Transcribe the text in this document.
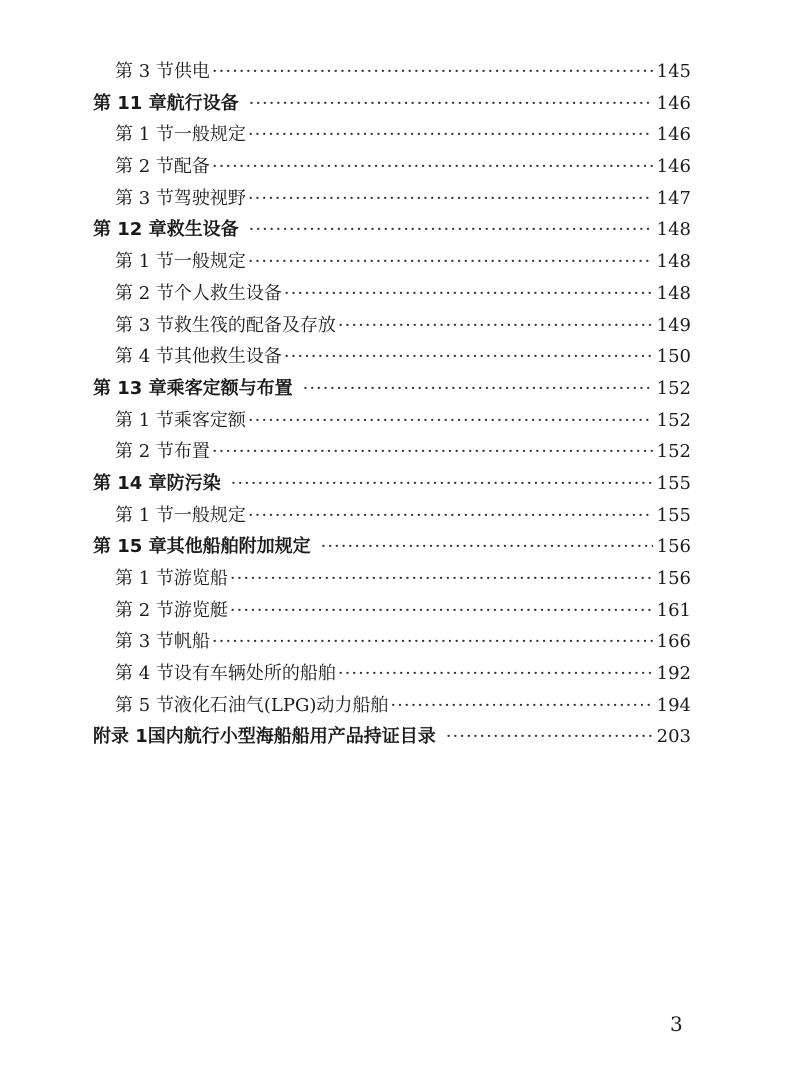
第 3 节 供电 ·····	145
第 11 章 航行设备 ·····	146
第 1 节 一般规定 ·····	146
第 2 节 配备 ·····	146
第 3 节 驾驶视野 ·····	147
第 12 章 救生设备 ·····	148
第 1 节 一般规定 ·····	148
第 2 节 个人救生设备 ·····	148
第 3 节 救生筏的配备及存放 ·····	149
第 4 节 其他救生设备 ·····	150
第 13 章 乘客定额与布置 ·····	152
第 1 节 乘客定额 ·····	152
第 2 节 布置 ·····	152
第 14 章 防污染 ·····	155
第 1 节 一般规定 ·····	155
第 15 章 其他船舶附加规定 ·····	156
第 1 节 游览船 ·····	156
第 2 节 游览艇 ·····	161
第 3 节 帆船 ·····	166
第 4 节 设有车辆处所的船舶 ·····	192
第 5 节 液化石油气(LPG)动力船舶 ·····	194
附录 1 国内航行小型海船船用产品持证目录 ·····	203
3
